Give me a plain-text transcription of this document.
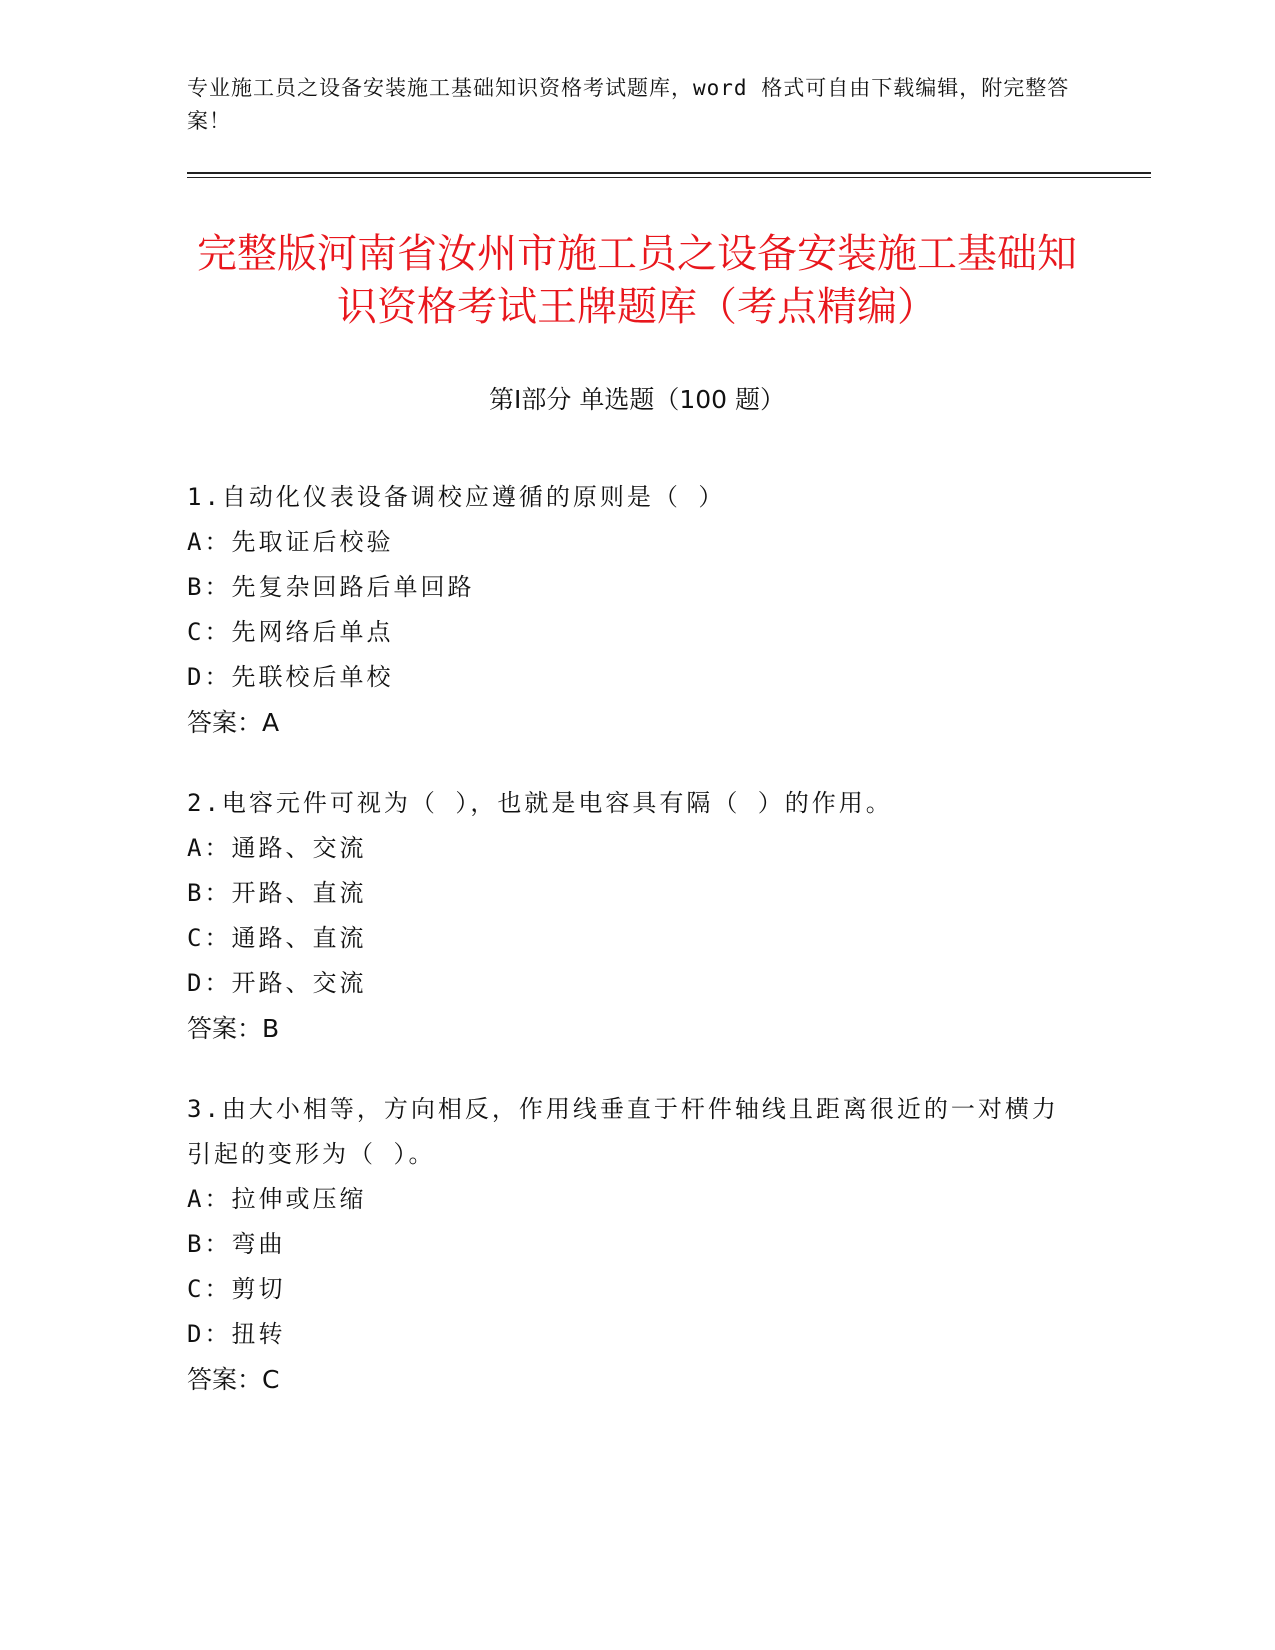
专业施工员之设备安装施工基础知识资格考试题库，word 格式可自由下载编辑，附完整答案！
完整版河南省汝州市施工员之设备安装施工基础知识资格考试王牌题库（考点精编）
第Ⅰ部分 单选题（100 题）
1.自动化仪表设备调校应遵循的原则是（ ）
A：先取证后校验
B：先复杂回路后单回路
C：先网络后单点
D：先联校后单校
答案：A
2.电容元件可视为（ ），也就是电容具有隔（ ）的作用。
A：通路、交流
B：开路、直流
C：通路、直流
D：开路、交流
答案：B
3.由大小相等，方向相反，作用线垂直于杆件轴线且距离很近的一对横力引起的变形为（ ）。
A：拉伸或压缩
B：弯曲
C：剪切
D：扭转
答案：C
